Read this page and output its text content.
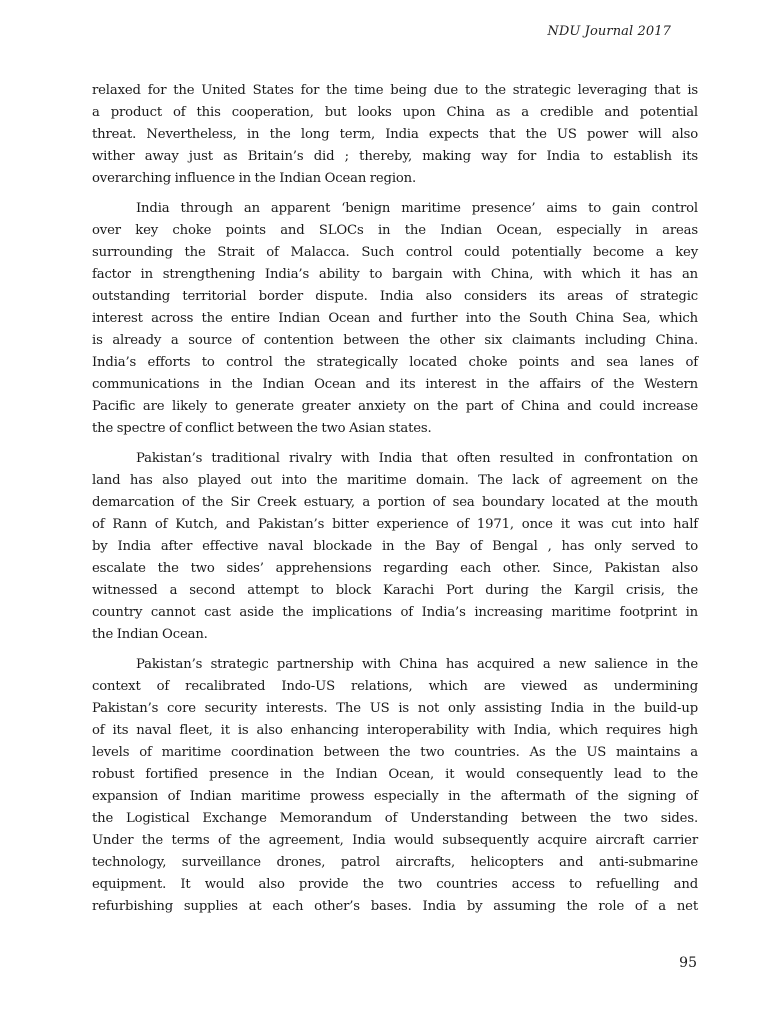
NDU Journal 2017

relaxed for the United States for the time being due to the strategic leveraging that is
a product of this cooperation, but looks upon China as a credible and potential
threat. Nevertheless, in the long term, India expects that the US power will also
wither away just as Britain’s did ; thereby, making way for India to establish its
overarching influence in the Indian Ocean region.

India through an apparent ‘benign maritime presence’ aims to gain control
over key choke points and SLOCs in the Indian Ocean, especially in areas
surrounding the Strait of Malacca. Such control could potentially become a key
factor in strengthening India’s ability to bargain with China, with which it has an
outstanding territorial border dispute. India also considers its areas of strategic
interest across the entire Indian Ocean and further into the South China Sea, which
is already a source of contention between the other six claimants including China.
India’s efforts to control the strategically located choke points and sea lanes of
communications in the Indian Ocean and its interest in the affairs of the Western
Pacific are likely to generate greater anxiety on the part of China and could increase
the spectre of conflict between the two Asian states.

Pakistan’s traditional rivalry with India that often resulted in confrontation on
land has also played out into the maritime domain. The lack of agreement on the
demarcation of the Sir Creek estuary, a portion of sea boundary located at the mouth
of Rann of Kutch, and Pakistan’s bitter experience of 1971, once it was cut into half
by India after effective naval blockade in the Bay of Bengal , has only served to
escalate the two sides’ apprehensions regarding each other. Since, Pakistan also
witnessed a second attempt to block Karachi Port during the Kargil crisis, the
country cannot cast aside the implications of India’s increasing maritime footprint in
the Indian Ocean.

Pakistan’s strategic partnership with China has acquired a new salience in the
context of recalibrated Indo-US relations, which are viewed as undermining
Pakistan’s core security interests. The US is not only assisting India in the build-up
of its naval fleet, it is also enhancing interoperability with India, which requires high
levels of maritime coordination between the two countries. As the US maintains a
robust fortified presence in the Indian Ocean, it would consequently lead to the
expansion of Indian maritime prowess especially in the aftermath of the signing of
the Logistical Exchange Memorandum of Understanding between the two sides.
Under the terms of the agreement, India would subsequently acquire aircraft carrier
technology, surveillance drones, patrol aircrafts, helicopters and anti-submarine
equipment. It would also provide the two countries access to refuelling and
refurbishing supplies at each other’s bases. India by assuming the role of a net

95
